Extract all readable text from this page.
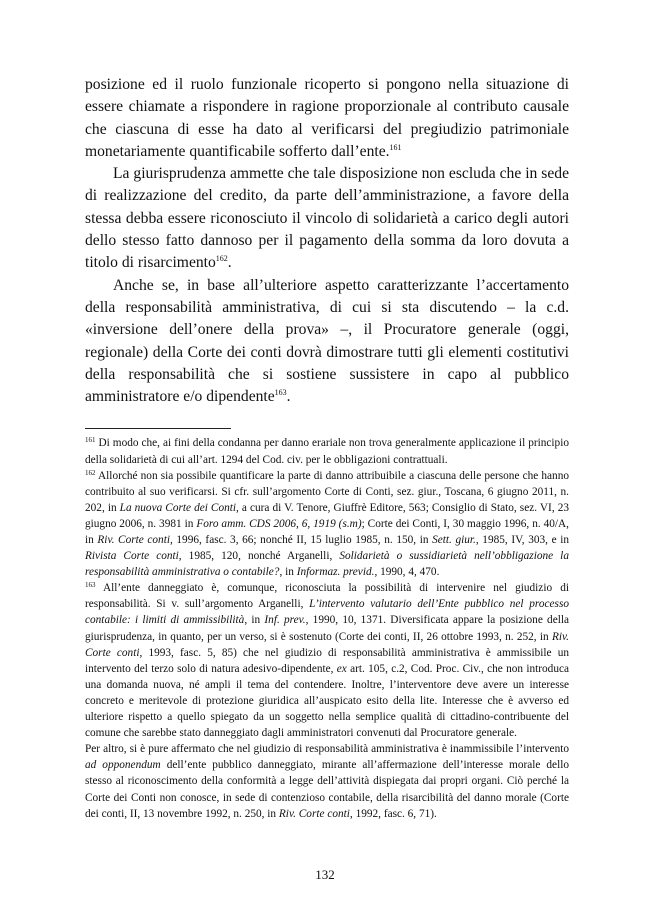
posizione ed il ruolo funzionale ricoperto si pongono nella situazione di essere chiamate a rispondere in ragione proporzionale al contributo causale che ciascuna di esse ha dato al verificarsi del pregiudizio patrimoniale monetariamente quantificabile sofferto dall’ente.$^{161}$

La giurisprudenza ammette che tale disposizione non escluda che in sede di realizzazione del credito, da parte dell’amministrazione, a favore della stessa debba essere riconosciuto il vincolo di solidarietà a carico degli autori dello stesso fatto dannoso per il pagamento della somma da loro dovuta a titolo di risarcimento$^{162}$.

Anche se, in base all’ulteriore aspetto caratterizzante l’accertamento della responsabilità amministrativa, di cui si sta discutendo – la c.d. «inversione dell’onere della prova» –, il Procuratore generale (oggi, regionale) della Corte dei conti dovrà dimostrare tutti gli elementi costitutivi della responsabilità che si sostiene sussistere in capo al pubblico amministratore e/o dipendente$^{163}$.

$^{161}$ Di modo che, ai fini della condanna per danno erariale non trova generalmente applicazione il principio della solidarietà di cui all’art. 1294 del Cod. civ. per le obbligazioni contrattuali.

$^{162}$ Allorché non sia possibile quantificare la parte di danno attribuibile a ciascuna delle persone che hanno contribuito al suo verificarsi. Si cfr. sull’argomento Corte di Conti, sez. giur., Toscana, 6 giugno 2011, n. 202, in La nuova Corte dei Conti, a cura di V. Tenore, Giuffrè Editore, 563; Consiglio di Stato, sez. VI, 23 giugno 2006, n. 3981 in Foro amm. CDS 2006, 6, 1919 (s.m); Corte dei Conti, I, 30 maggio 1996, n. 40/A, in Riv. Corte conti, 1996, fasc. 3, 66; nonché II, 15 luglio 1985, n. 150, in Sett. giur., 1985, IV, 303, e in Rivista Corte conti, 1985, 120, nonché Arganelli, Solidarietà o sussidiarietà nell’obbligazione la responsabilità amministrativa o contabile?, in Informaz. previd., 1990, 4, 470.

$^{163}$ All’ente danneggiato è, comunque, riconosciuta la possibilità di intervenire nel giudizio di responsabilità. Si v. sull’argomento Arganelli, L’intervento valutario dell’Ente pubblico nel processo contabile: i limiti di ammissibilità, in Inf. prev., 1990, 10, 1371. Diversificata appare la posizione della giurisprudenza, in quanto, per un verso, si è sostenuto (Corte dei conti, II, 26 ottobre 1993, n. 252, in Riv. Corte conti, 1993, fasc. 5, 85) che nel giudizio di responsabilità amministrativa è ammissibile un intervento del terzo solo di natura adesivo-dipendente, ex art. 105, c.2, Cod. Proc. Civ., che non introduca una domanda nuova, né ampli il tema del contendere. Inoltre, l’interventore deve avere un interesse concreto e meritevole di protezione giuridica all’auspicato esito della lite. Interesse che è avverso ed ulteriore rispetto a quello spiegato da un soggetto nella semplice qualità di cittadino-contribuente del comune che sarebbe stato danneggiato dagli amministratori convenuti dal Procuratore generale.

Per altro, si è pure affermato che nel giudizio di responsabilità amministrativa è inammissibile l’intervento ad opponendum dell’ente pubblico danneggiato, mirante all’affermazione dell’interesse morale dello stesso al riconoscimento della conformità a legge dell’attività dispiegata dai propri organi. Ciò perché la Corte dei Conti non conosce, in sede di contenzioso contabile, della risarcibilità del danno morale (Corte dei conti, II, 13 novembre 1992, n. 250, in Riv. Corte conti, 1992, fasc. 6, 71).

132
